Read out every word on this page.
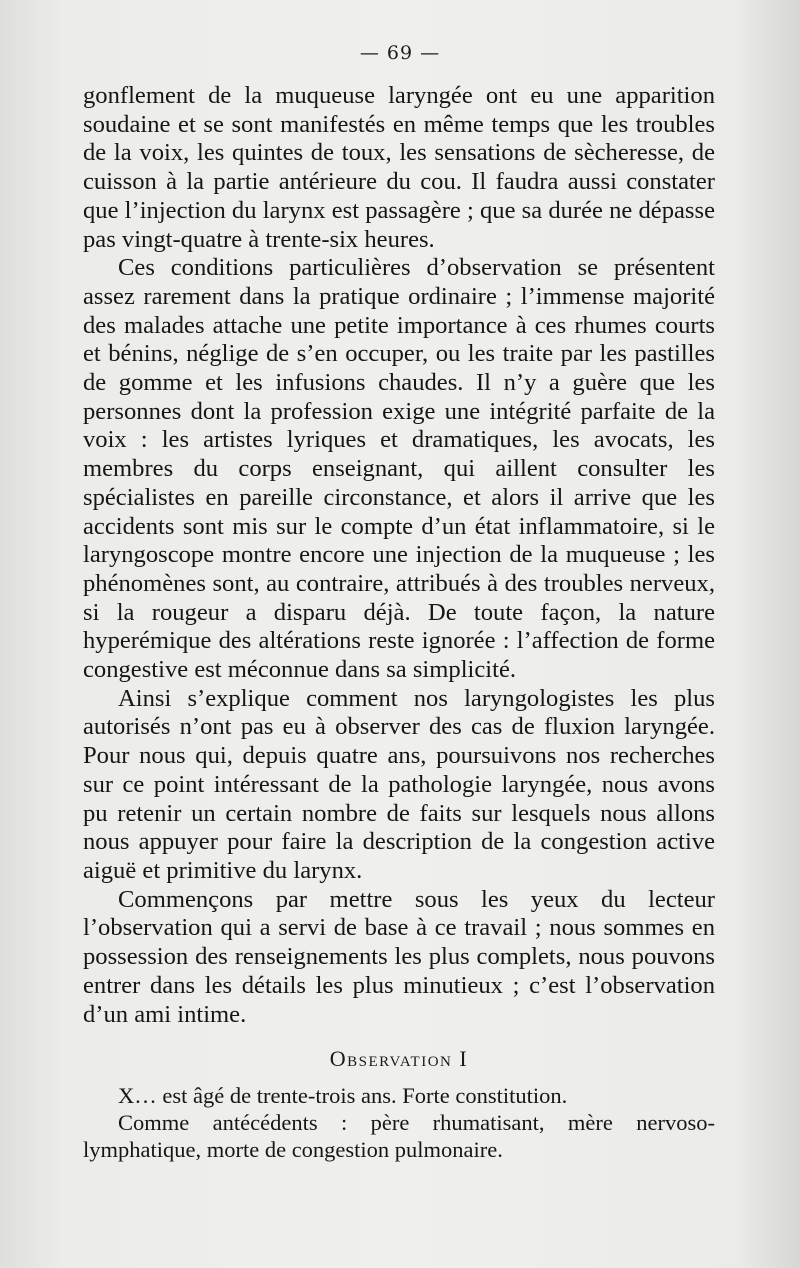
— 69 —

gonflement de la muqueuse laryngée ont eu une apparition soudaine et se sont manifestés en même temps que les troubles de la voix, les quintes de toux, les sensations de sècheresse, de cuisson à la partie antérieure du cou. Il faudra aussi constater que l’injection du larynx est passagère ; que sa durée ne dépasse pas vingt-quatre à trente-six heures.

Ces conditions particulières d’observation se présentent assez rarement dans la pratique ordinaire ; l’immense majorité des malades attache une petite importance à ces rhumes courts et bénins, néglige de s’en occuper, ou les traite par les pastilles de gomme et les infusions chaudes. Il n’y a guère que les personnes dont la profession exige une intégrité parfaite de la voix : les artistes lyriques et dramatiques, les avocats, les membres du corps enseignant, qui aillent consulter les spécialistes en pareille circonstance, et alors il arrive que les accidents sont mis sur le compte d’un état inflammatoire, si le laryngoscope montre encore une injection de la muqueuse ; les phénomènes sont, au contraire, attribués à des troubles nerveux, si la rougeur a disparu déjà. De toute façon, la nature hyperémique des altérations reste ignorée : l’affection de forme congestive est méconnue dans sa simplicité.

Ainsi s’explique comment nos laryngologistes les plus autorisés n’ont pas eu à observer des cas de fluxion laryngée. Pour nous qui, depuis quatre ans, poursuivons nos recherches sur ce point intéressant de la pathologie laryngée, nous avons pu retenir un certain nombre de faits sur lesquels nous allons nous appuyer pour faire la description de la congestion active aiguë et primitive du larynx.

Commençons par mettre sous les yeux du lecteur l’observation qui a servi de base à ce travail ; nous sommes en possession des renseignements les plus complets, nous pouvons entrer dans les détails les plus minutieux ; c’est l’observation d’un ami intime.

Observation I

X… est âgé de trente-trois ans. Forte constitution.

Comme antécédents : père rhumatisant, mère nervoso-lymphatique, morte de congestion pulmonaire.
